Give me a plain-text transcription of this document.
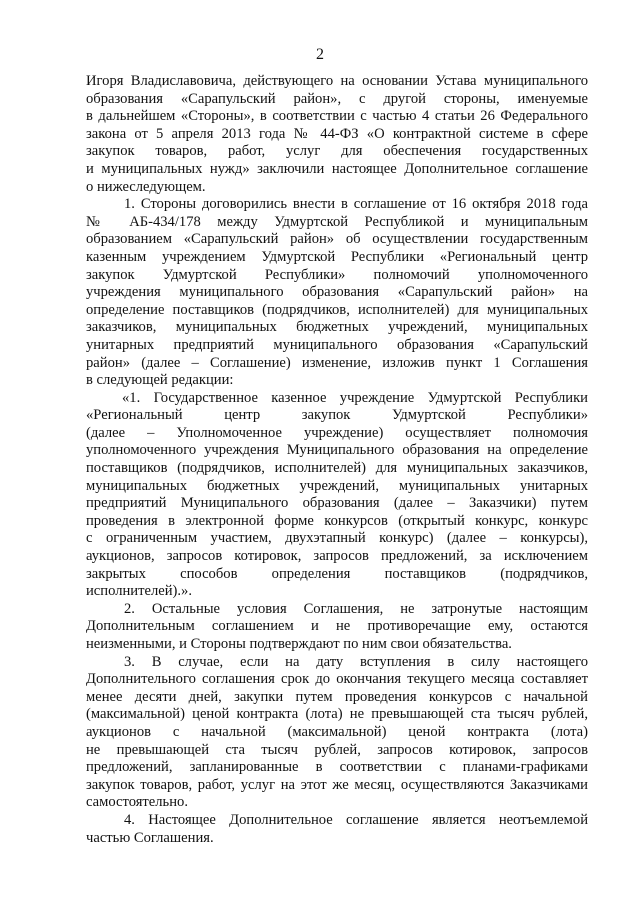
2

Игоря Владиславовича, действующего на основании Устава муниципального
образования «Сарапульский район», с другой стороны, именуемые
в дальнейшем «Стороны», в соответствии с частью 4 статьи 26 Федерального
закона от 5 апреля 2013 года № 44-ФЗ «О контрактной системе в сфере
закупок товаров, работ, услуг для обеспечения государственных
и муниципальных нужд» заключили настоящее Дополнительное соглашение
о нижеследующем.

1. Стороны договорились внести в соглашение от 16 октября 2018 года
№ АБ-434/178 между Удмуртской Республикой и муниципальным
образованием «Сарапульский район» об осуществлении государственным
казенным учреждением Удмуртской Республики «Региональный центр
закупок Удмуртской Республики» полномочий уполномоченного
учреждения муниципального образования «Сарапульский район» на
определение поставщиков (подрядчиков, исполнителей) для муниципальных
заказчиков, муниципальных бюджетных учреждений, муниципальных
унитарных предприятий муниципального образования «Сарапульский
район» (далее – Соглашение) изменение, изложив пункт 1 Соглашения
в следующей редакции:

«1. Государственное казенное учреждение Удмуртской Республики
«Региональный центр закупок Удмуртской Республики»
(далее – Уполномоченное учреждение) осуществляет полномочия
уполномоченного учреждения Муниципального образования на определение
поставщиков (подрядчиков, исполнителей) для муниципальных заказчиков,
муниципальных бюджетных учреждений, муниципальных унитарных
предприятий Муниципального образования (далее – Заказчики) путем
проведения в электронной форме конкурсов (открытый конкурс, конкурс
с ограниченным участием, двухэтапный конкурс) (далее – конкурсы),
аукционов, запросов котировок, запросов предложений, за исключением
закрытых способов определения поставщиков (подрядчиков,
исполнителей).».

2. Остальные условия Соглашения, не затронутые настоящим
Дополнительным соглашением и не противоречащие ему, остаются
неизменными, и Стороны подтверждают по ним свои обязательства.

3. В случае, если на дату вступления в силу настоящего
Дополнительного соглашения срок до окончания текущего месяца составляет
менее десяти дней, закупки путем проведения конкурсов с начальной
(максимальной) ценой контракта (лота) не превышающей ста тысяч рублей,
аукционов с начальной (максимальной) ценой контракта (лота)
не превышающей ста тысяч рублей, запросов котировок, запросов
предложений, запланированные в соответствии с планами-графиками
закупок товаров, работ, услуг на этот же месяц, осуществляются Заказчиками
самостоятельно.

4. Настоящее Дополнительное соглашение является неотъемлемой
частью Соглашения.
